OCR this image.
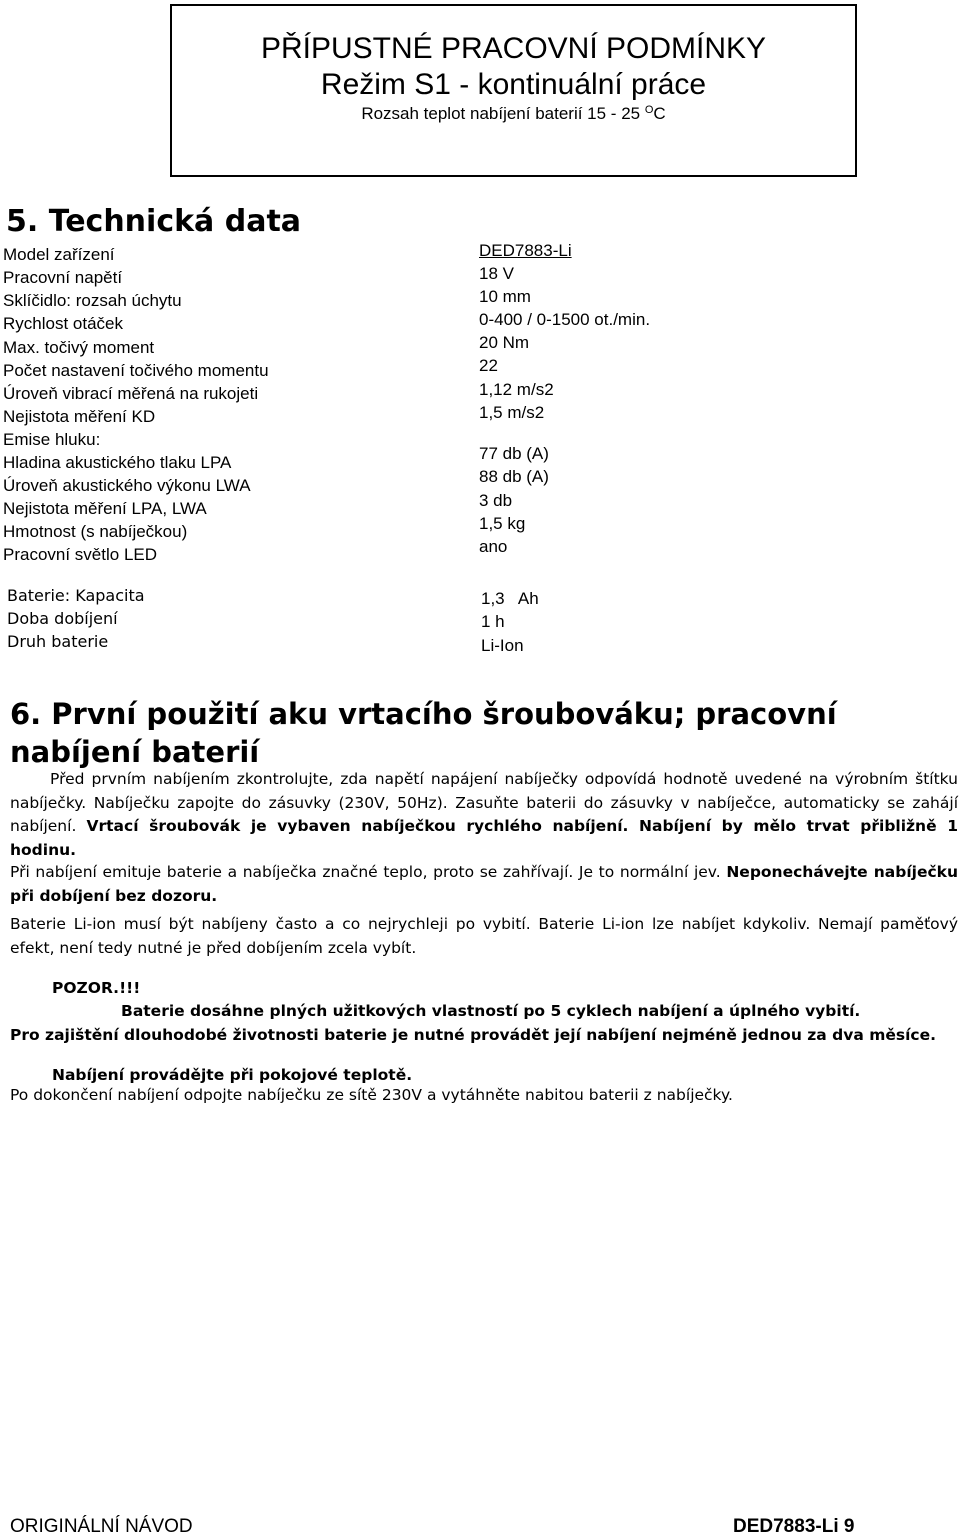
PŘÍPUSTNÉ PRACOVNÍ PODMÍNKY
Režim S1 - kontinuální práce
Rozsah teplot nabíjení baterií 15 - 25 $^O$C
5. Technická data
Model zařízení
Pracovní napětí
Sklíčidlo: rozsah úchytu
Rychlost otáček
Max. točivý moment
Počet nastavení točivého momentu
Úroveň vibrací měřená na rukojeti
Nejistota měření KD
Emise hluku:
Hladina akustického tlaku LPA
Úroveň akustického výkonu LWA
Nejistota měření LPA, LWA
Hmotnost (s nabíječkou)
Pracovní světlo LED
DED7883-Li
18 V
10 mm
0-400 / 0-1500 ot./min.
20 Nm
22
1,12 m/s2
1,5 m/s2
77 db (A)
88 db (A)
3 db
1,5 kg
ano
Baterie: Kapacita
Doba dobíjení
Druh baterie
1,3   Ah
1 h
Li-Ion
6. První použití aku vrtacího šroubováku; pracovní nabíjení baterií
Před prvním nabíjením zkontrolujte, zda napětí napájení nabíječky odpovídá hodnotě uvedené na výrobním štítku nabíječky. Nabíječku zapojte do zásuvky (230V, 50Hz). Zasuňte baterii do zásuvky v nabíječce, automaticky se zahájí nabíjení. Vrtací šroubovák je vybaven nabíječkou rychlého nabíjení. Nabíjení by mělo trvat přibližně 1 hodinu.
Při nabíjení emituje baterie a nabíječka značné teplo, proto se zahřívají. Je to normální jev. Neponechávejte nabíječku při dobíjení bez dozoru.
Baterie Li-ion musí být nabíjeny často a co nejrychleji po vybití. Baterie Li-ion lze nabíjet kdykoliv. Nemají paměťový efekt, není tedy nutné je před dobíjením zcela vybít.
POZOR.!!!
Baterie dosáhne plných užitkových vlastností po 5 cyklech nabíjení a úplného vybití.
Pro zajištění dlouhodobé životnosti baterie je nutné provádět její nabíjení nejméně jednou za dva měsíce.
Nabíjení provádějte při pokojové teplotě.
Po dokončení nabíjení odpojte nabíječku ze sítě 230V a vytáhněte nabitou baterii z nabíječky.
ORIGINÁLNÍ NÁVOD	DED7883-Li 9
